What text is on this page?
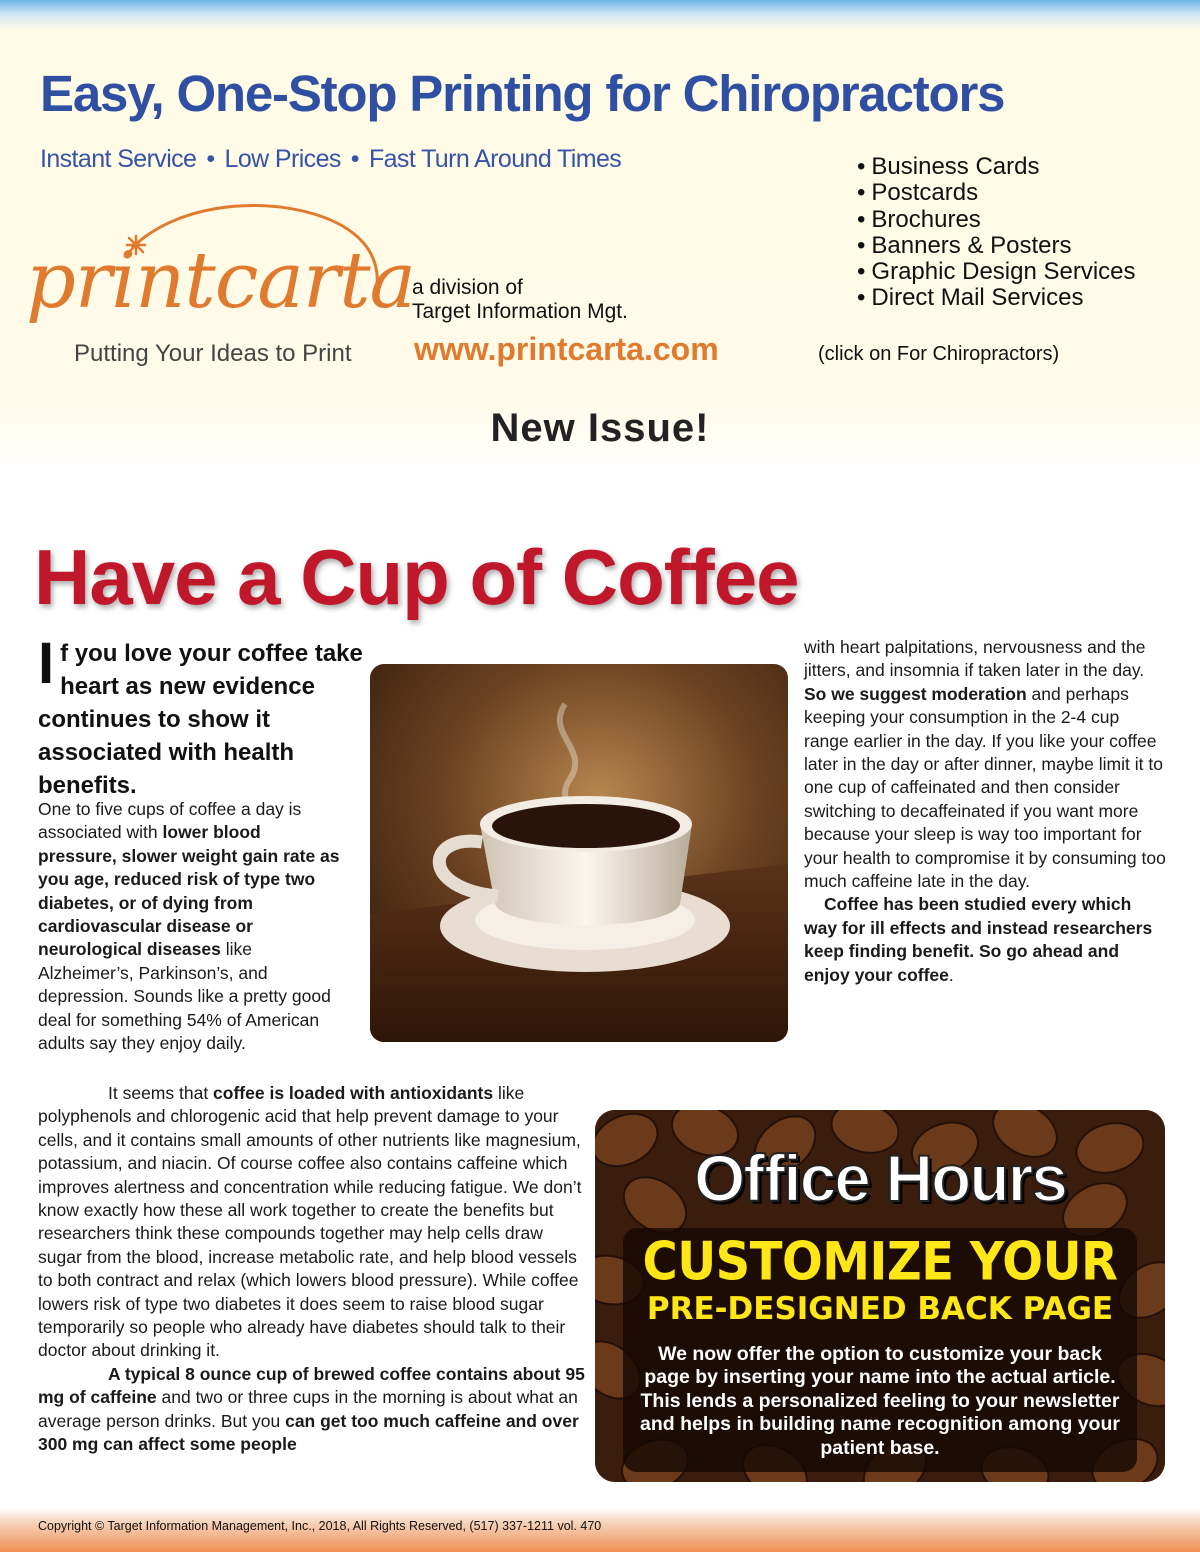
Easy, One-Stop Printing for Chiropractors
Instant Service • Low Prices • Fast Turn Around Times
•	Business Cards
• Postcards
• Brochures
• Banners & Posters
• Graphic Design Services
• Direct Mail Services
printcarta
Putting Your Ideas to Print
a division of
Target Information Mgt.
www.printcarta.com	(click on For Chiropractors)
New Issue!
Have a Cup of Coffee
If you love your coffee take heart as new evidence continues to show it associated with health benefits.

One to five cups of coffee a day is associated with lower blood pressure, slower weight gain rate as you age, reduced risk of type two diabetes, or of dying from cardiovascular disease or neurological diseases like Alzheimer’s, Parkinson’s, and depression. Sounds like a pretty good deal for something 54% of American adults say they enjoy daily.

It seems that coffee is loaded with antioxidants like polyphenols and chlorogenic acid that help prevent damage to your cells, and it contains small amounts of other nutrients like magnesium, potassium, and niacin. Of course coffee also contains caffeine which improves alertness and concentration while reducing fatigue. We don’t know exactly how these all work together to create the benefits but researchers think these compounds together may help cells draw sugar from the blood, increase metabolic rate, and help blood vessels to both contract and relax (which lowers blood pressure). While coffee lowers risk of type two diabetes it does seem to raise blood sugar temporarily so people who already have diabetes should talk to their doctor about drinking it.

A typical 8 ounce cup of brewed coffee contains about 95 mg of caffeine and two or three cups in the morning is about what an average person drinks. But you can get too much caffeine and over 300 mg can affect some people

with heart palpitations, nervousness and the jitters, and insomnia if taken later in the day. So we suggest moderation and perhaps keeping your consumption in the 2-4 cup range earlier in the day. If you like your coffee later in the day or after dinner, maybe limit it to one cup of caffeinated and then consider switching to decaffeinated if you want more because your sleep is way too important for your health to compromise it by consuming too much caffeine late in the day.

Coffee has been studied every which way for ill effects and instead researchers keep finding benefit. So go ahead and enjoy your coffee.

Office Hours
CUSTOMIZE YOUR
PRE-DESIGNED BACK PAGE
We now offer the option to customize your back page by inserting your name into the actual article. This lends a personalized feeling to your newsletter and helps in building name recognition among your patient base.
Copyright © Target Information Management, Inc., 2018, All Rights Reserved, (517) 337-1211 vol. 470
